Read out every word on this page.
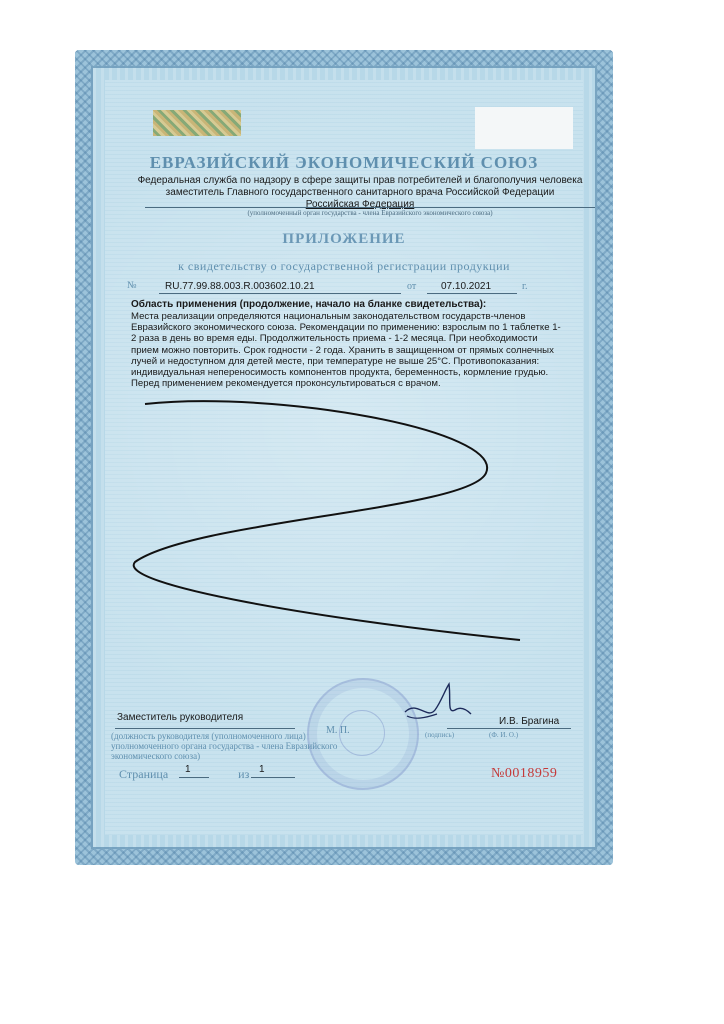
ЕВРАЗИЙСКИЙ ЭКОНОМИЧЕСКИЙ СОЮЗ
Федеральная служба по надзору в сфере защиты прав потребителей и благополучия человека
заместитель Главного государственного санитарного врача Российской Федерации
Российская Федерация
(уполномоченный орган государства - члена Евразийского экономического союза)
ПРИЛОЖЕНИЕ
к свидетельству о государственной регистрации продукции
№	RU.77.99.88.003.R.003602.10.21	от 07.10.2021	г.
Область применения (продолжение, начало на бланке свидетельства):
Места реализации определяются национальным законодательством государств-членов Евразийского экономического союза. Рекомендации по применению: взрослым по 1 таблетке 1-2 раза в день во время еды. Продолжительность приема - 1-2 месяца. При необходимости прием можно повторить. Срок годности - 2 года. Хранить в защищенном от прямых солнечных лучей и недоступном для детей месте, при температуре не выше 25°С. Противопоказания: индивидуальная непереносимость компонентов продукта, беременность, кормление грудью. Перед применением рекомендуется проконсультироваться с врачом.
Заместитель руководителя
М. П.
И.В. Брагина
(подпись)	(Ф. И. О.)
(должность руководителя (уполномоченного лица) уполномоченного органа государства - члена Евразийского экономического союза)
Страница	из
1	1	№0018959
